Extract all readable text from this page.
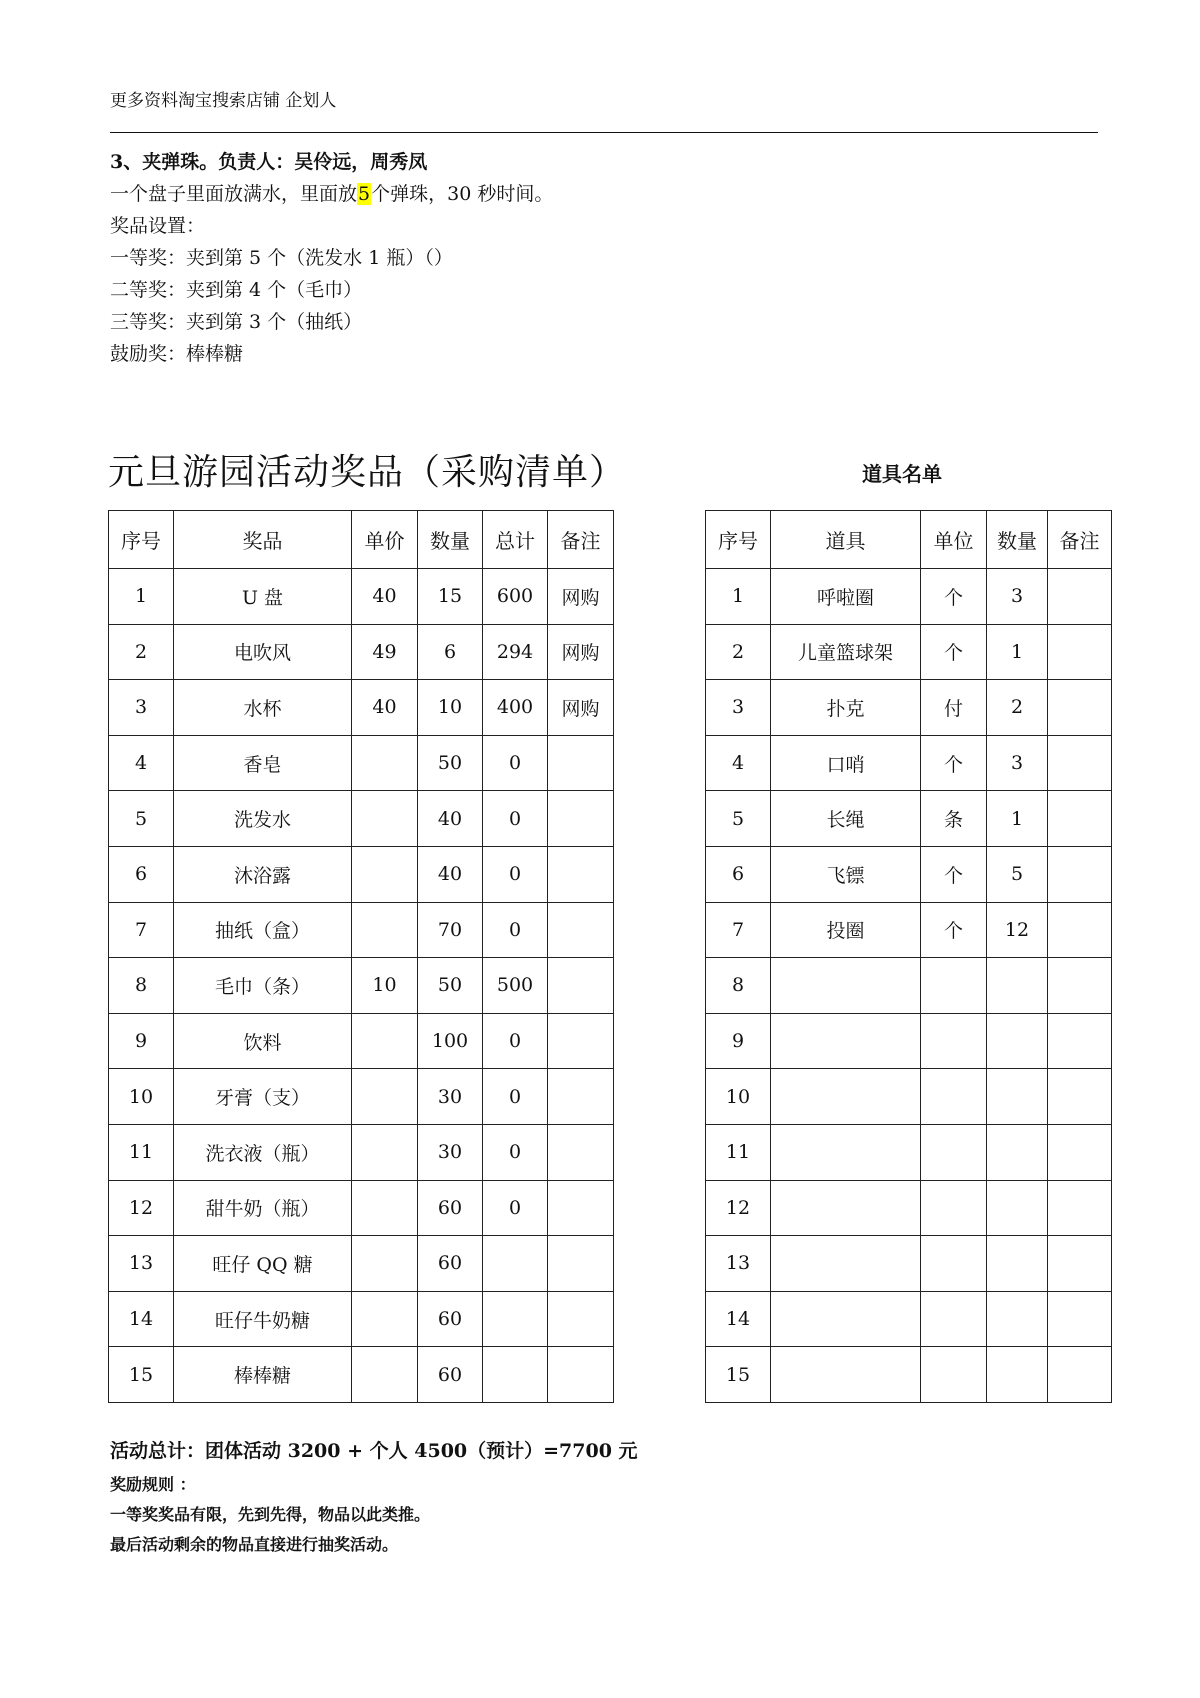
更多资料淘宝搜索店铺 企划人
3、夹弹珠。负责人：吴伶远，周秀凤
一个盘子里面放满水，里面放5个弹珠，30 秒时间。
奖品设置：
一等奖：夹到第 5 个（洗发水 1 瓶）（）
二等奖：夹到第 4 个（毛巾）
三等奖：夹到第 3 个（抽纸）
鼓励奖：棒棒糖
元旦游园活动奖品（采购清单）	道具名单
序号	奖品	单价	数量	总计	备注
1	U 盘	40	15	600	网购
2	电吹风	49	6	294	网购
3	水杯	40	10	400	网购
4	香皂		50	0	
5	洗发水		40	0	
6	沐浴露		40	0	
7	抽纸（盒）		70	0	
8	毛巾（条）	10	50	500	
9	饮料		100	0	
10	牙膏（支）		30	0	
11	洗衣液（瓶）		30	0	
12	甜牛奶（瓶）		60	0	
13	旺仔 QQ 糖		60		
14	旺仔牛奶糖		60		
15	棒棒糖		60		
序号	道具	单位	数量	备注
1	呼啦圈	个	3	
2	儿童篮球架	个	1	
3	扑克	付	2	
4	口哨	个	3	
5	长绳	条	1	
6	飞镖	个	5	
7	投圈	个	12	
8				
9				
10				
11				
12				
13				
14				
15				
活动总计：团体活动 3200 + 个人 4500（预计）=7700 元
奖励规则 ：
一等奖奖品有限，先到先得，物品以此类推。
最后活动剩余的物品直接进行抽奖活动。
